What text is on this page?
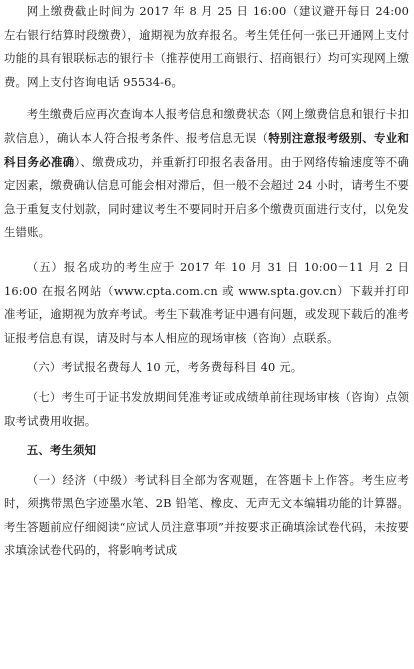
网上缴费截止时间为 2017 年 8 月 25 日 16:00（建议避开每日 24:00 左右银行结算时段缴费），逾期视为放弃报名。考生凭任何一张已开通网上支付功能的具有银联标志的银行卡（推荐使用工商银行、招商银行）均可实现网上缴费。网上支付咨询电话 95534-6。

考生缴费后应再次查询本人报考信息和缴费状态（网上缴费信息和银行卡扣款信息），确认本人符合报考条件、报考信息无误（特别注意报考级别、专业和科目务必准确）、缴费成功，并重新打印报名表备用。由于网络传输速度等不确定因素，缴费确认信息可能会相对滞后，但一般不会超过 24 小时，请考生不要急于重复支付划款，同时建议考生不要同时开启多个缴费页面进行支付，以免发生错账。

（五）报名成功的考生应于 2017 年 10 月 31 日 10:00－11 月 2 日 16:00 在报名网站（www.cpta.com.cn 或 www.spta.gov.cn）下载并打印准考证，逾期视为放弃考试。考生下载准考证中遇有问题，或发现下载后的准考证报考信息有误，请及时与本人相应的现场审核（咨询）点联系。

（六）考试报名费每人 10 元，考务费每科目 40 元。

（七）考生可于证书发放期间凭准考证或成绩单前往现场审核（咨询）点领取考试费用收据。

五、考生须知

（一）经济（中级）考试科目全部为客观题，在答题卡上作答。考生应考时，须携带黑色字迹墨水笔、2B 铅笔、橡皮、无声无文本编辑功能的计算器。考生答题前应仔细阅读“应试人员注意事项”并按要求正确填涂试卷代码，未按要求填涂试卷代码的，将影响考试成
